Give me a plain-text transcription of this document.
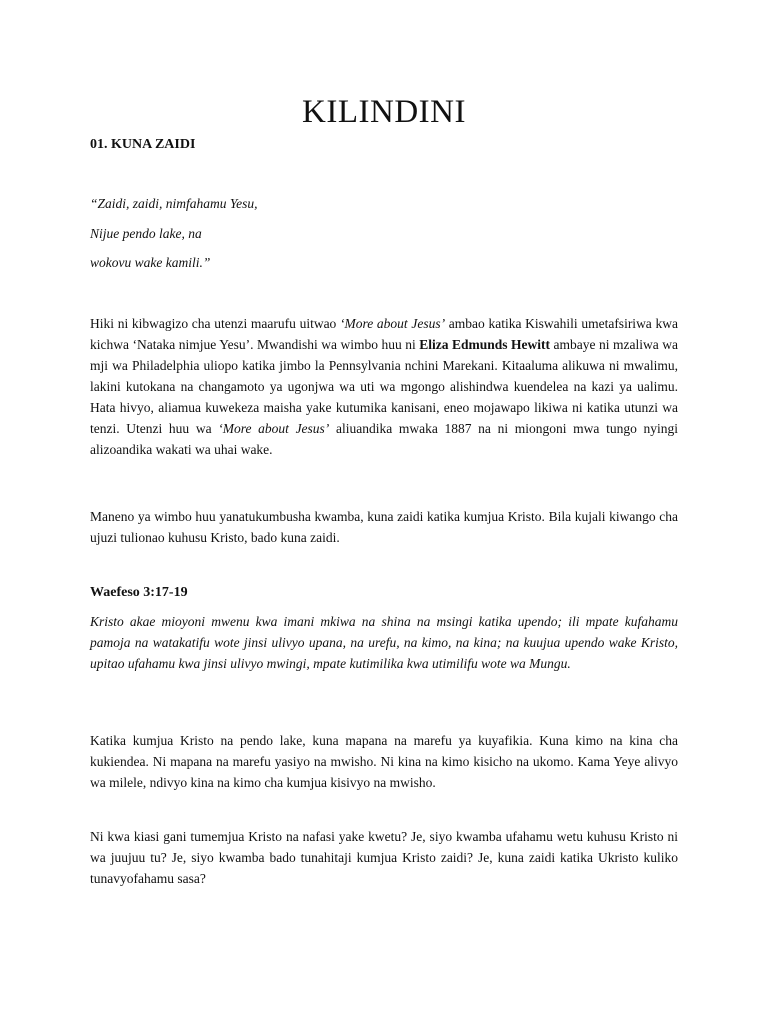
KILINDINI
01. KUNA ZAIDI
“Zaidi, zaidi, nimfahamu Yesu,
Nijue pendo lake, na
wokovu wake kamili.”

Hiki ni kibwagizo cha utenzi maarufu uitwao ‘More about Jesus’ ambao katika Kiswahili umetafsiriwa kwa kichwa ‘Nataka nimjue Yesu’. Mwandishi wa wimbo huu ni Eliza Edmunds Hewitt ambaye ni mzaliwa wa mji wa Philadelphia uliopo katika jimbo la Pennsylvania nchini Marekani. Kitaaluma alikuwa ni mwalimu, lakini kutokana na changamoto ya ugonjwa wa uti wa mgongo alishindwa kuendelea na kazi ya ualimu. Hata hivyo, aliamua kuwekeza maisha yake kutumika kanisani, eneo mojawapo likiwa ni katika utunzi wa tenzi. Utenzi huu wa ‘More about Jesus’ aliuandika mwaka 1887 na ni miongoni mwa tungo nyingi alizoandika wakati wa uhai wake.

Maneno ya wimbo huu yanatukumbusha kwamba, kuna zaidi katika kumjua Kristo. Bila kujali kiwango cha ujuzi tulionao kuhusu Kristo, bado kuna zaidi.

Waefeso 3:17-19

Kristo akae mioyoni mwenu kwa imani mkiwa na shina na msingi katika upendo; ili mpate kufahamu pamoja na watakatifu wote jinsi ulivyo upana, na urefu, na kimo, na kina; na kuujua upendo wake Kristo, upitao ufahamu kwa jinsi ulivyo mwingi, mpate kutimilika kwa utimilifu wote wa Mungu.

Katika kumjua Kristo na pendo lake, kuna mapana na marefu ya kuyafikia. Kuna kimo na kina cha kukiendea. Ni mapana na marefu yasiyo na mwisho. Ni kina na kimo kisicho na ukomo. Kama Yeye alivyo wa milele, ndivyo kina na kimo cha kumjua kisivyo na mwisho.

Ni kwa kiasi gani tumemjua Kristo na nafasi yake kwetu? Je, siyo kwamba ufahamu wetu kuhusu Kristo ni wa juujuu tu? Je, siyo kwamba bado tunahitaji kumjua Kristo zaidi? Je, kuna zaidi katika Ukristo kuliko tunavyofahamu sasa?
